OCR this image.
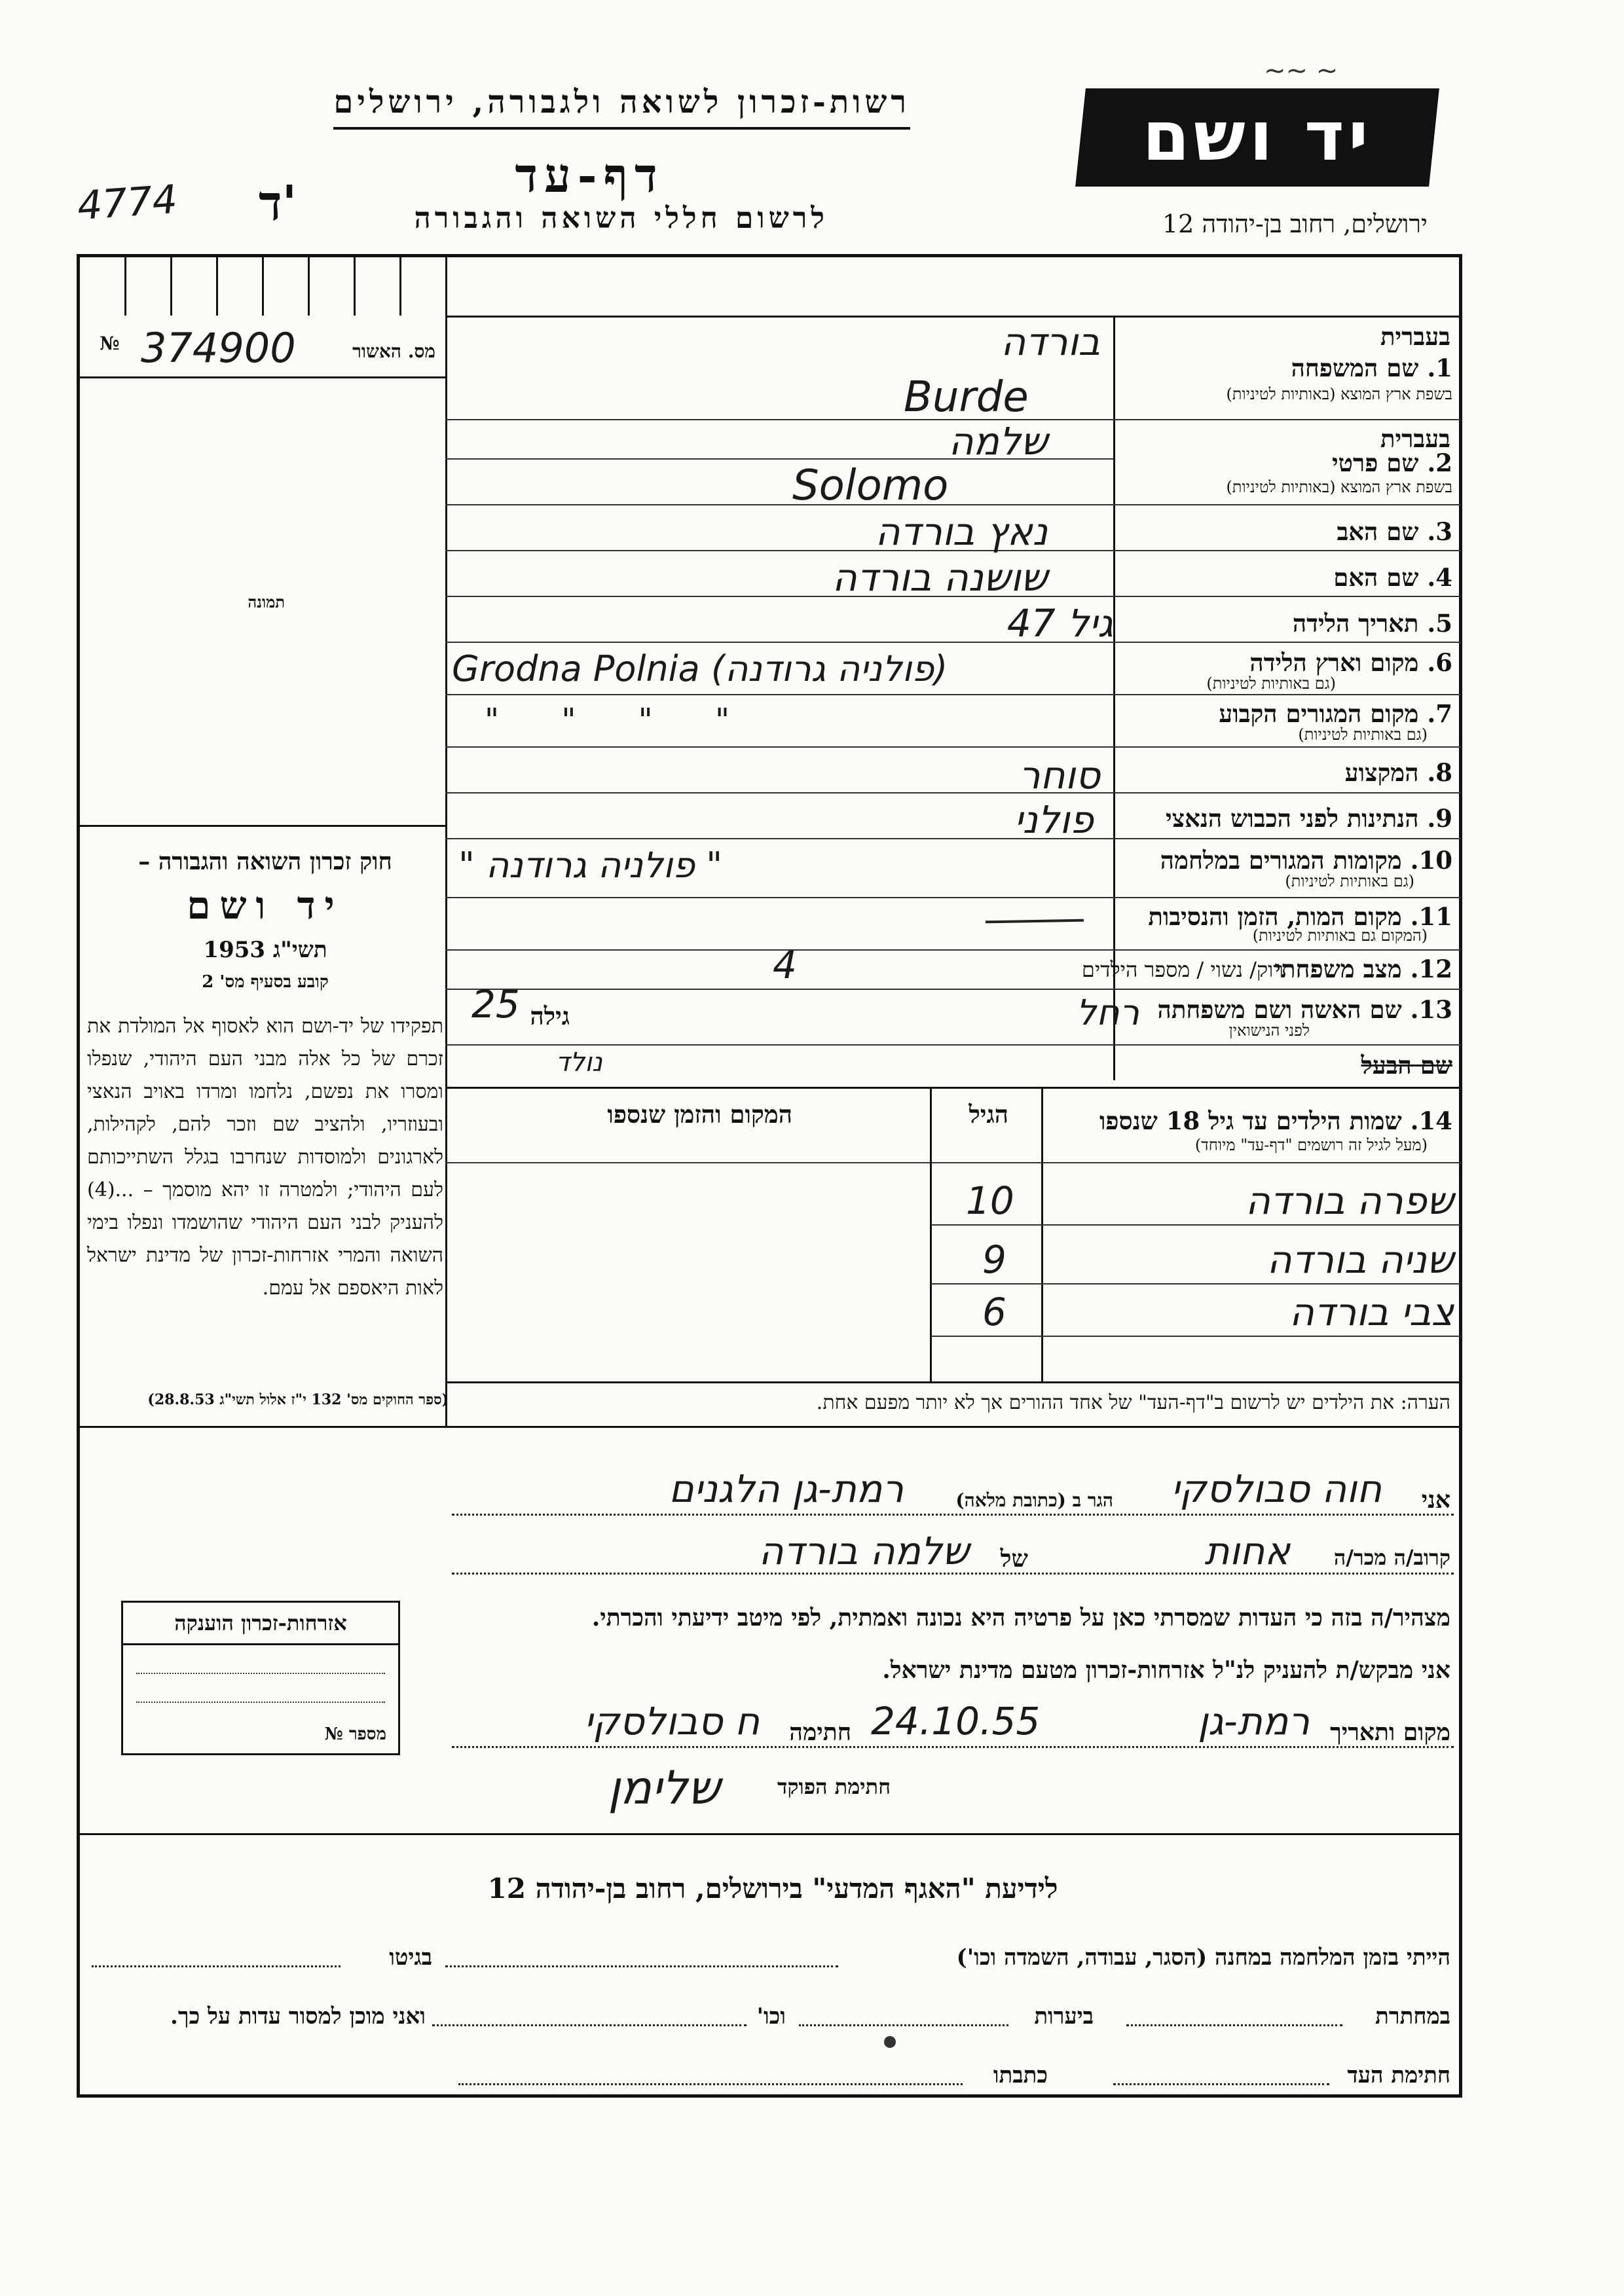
יד ושם
~~ ~
רשות-זכרון לשואה ולגבורה, ירושלים
דף-עד
לרשום חללי השואה והגבורה	ירושלים, רחוב בן-יהודה 12
4774 ד'
מס. האשור
374900
№
תמונה
חוק זכרון השואה והגבורה –
יד ושם
תשי"ג 1953
קובע בסעיף מס' 2
תפקידו של יד-ושם הוא לאסוף אל המולדת את זכרם של כל אלה מבני העם היהודי, שנפלו ומסרו את נפשם, נלחמו ומרדו באויב הנאצי ובעוזריו, ולהציב שם וזכר להם, לקהילות, לארגונים ולמוסדות שנחרבו בגלל השתייכותם לעם היהודי; ולמטרה זו יהא מוסמך – ...(4) להעניק לבני העם היהודי שהושמדו ונפלו בימי השואה והמרי אזרחות-זכרון של מדינת ישראל לאות היאספם אל עמם.
(ספר החוקים מס' 132 י"ז אלול תשי"ג 28.8.53)
אזרחות-זכרון הוענקה
מספר №
בעברית
1. שם המשפחה
בשפת ארץ המוצא (באותיות לטיניות)
בעברית
2. שם פרטי
בשפת ארץ המוצא (באותיות לטיניות)
3. שם האב
4. שם האם
5. תאריך הלידה
6. מקום וארץ הלידה
(גם באותיות לטיניות)
7. מקום המגורים הקבוע
(גם באותיות לטיניות)
8. המקצוע
9. הנתינות לפני הכבוש הנאצי
10. מקומות המגורים במלחמה
(גם באותיות לטיניות)
11. מקום המות, הזמן והנסיבות
(המקום גם באותיות לטיניות)
12. מצב משפחתי
13. שם האשה ושם משפחתה
לפני הנישואין
שם הבעל
14. שמות הילדים עד גיל 18 שנספו
(מעל לגיל זה רושמים "דף-עד" מיוחד)
הגיל
המקום והזמן שנספו
בורדה
Burde
שלמה
Solomo
נאץ בורדה
שושנה בורדה
גיל 47
Grodna Polnia (פולניה גרודנה)
" " " "
סוחר
פולני
" פולניה גרודנה "
רוק/ נשוי / מספר הילדים
4
רחל
גילה
25
נולד
שפרה בורדה
10
שניה בורדה
9
צבי בורדה
6
הערה: את הילדים יש לרשום ב"דף-העד" של אחד ההורים אך לא יותר מפעם אחת.
אני
חוה סבולסקי
הגר ב (כתובת מלאה)
רמת-גן הלגנים
קרוב/ה מכר/ה
אחות
של
שלמה בורדה
מצהיר/ה בזה כי העדות שמסרתי כאן על פרטיה היא נכונה ואמתית, לפי מיטב ידיעתי והכרתי.
אני מבקש/ת להעניק לנ"ל אזרחות-זכרון מטעם מדינת ישראל.
מקום ותאריך
רמת-גן
24.10.55
חתימה
ח סבולסקי
חתימת הפוקד
שלימן
לידיעת "האגף המדעי" בירושלים, רחוב בן-יהודה 12
הייתי בזמן המלחמה במחנה (הסגר, עבודה, השמדה וכו')
בגיטו
במחתרת
ביערות
וכו'
ואני מוכן למסור עדות על כך.
חתימת העד
כתבתו
